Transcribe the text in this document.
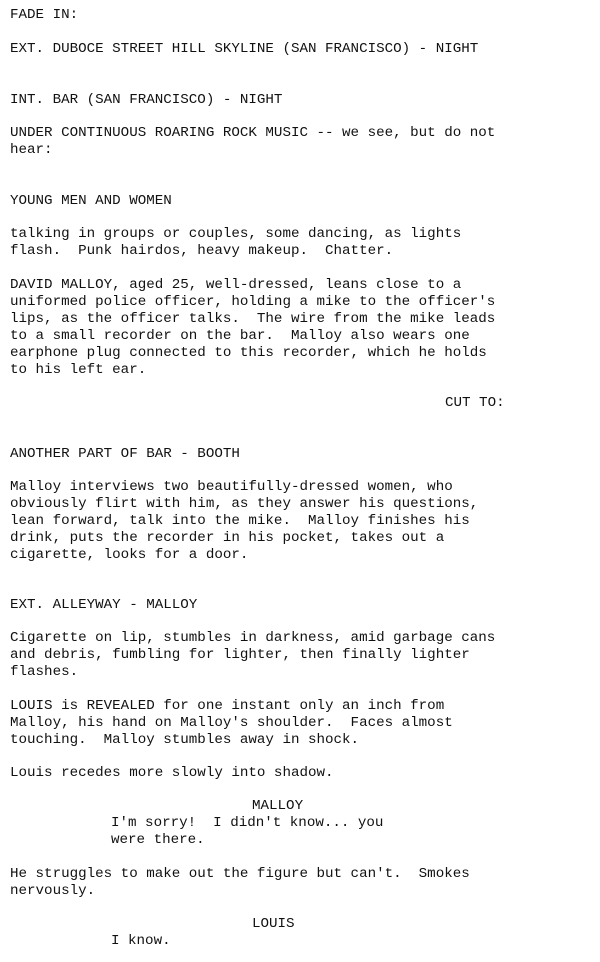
FADE IN:

EXT. DUBOCE STREET HILL SKYLINE (SAN FRANCISCO) - NIGHT

INT. BAR (SAN FRANCISCO) - NIGHT

UNDER CONTINUOUS ROARING ROCK MUSIC -- we see, but do not

hear:

YOUNG MEN AND WOMEN

talking in groups or couples, some dancing, as lights

flash.  Punk hairdos, heavy makeup.  Chatter.

DAVID MALLOY, aged 25, well-dressed, leans close to a

uniformed police officer, holding a mike to the officer's

lips, as the officer talks.  The wire from the mike leads

to a small recorder on the bar.  Malloy also wears one

earphone plug connected to this recorder, which he holds

to his left ear.

CUT TO:

ANOTHER PART OF BAR - BOOTH

Malloy interviews two beautifully-dressed women, who

obviously flirt with him, as they answer his questions,

lean forward, talk into the mike.  Malloy finishes his

drink, puts the recorder in his pocket, takes out a

cigarette, looks for a door.

EXT. ALLEYWAY - MALLOY

Cigarette on lip, stumbles in darkness, amid garbage cans

and debris, fumbling for lighter, then finally lighter

flashes.

LOUIS is REVEALED for one instant only an inch from

Malloy, his hand on Malloy's shoulder.  Faces almost

touching.  Malloy stumbles away in shock.

Louis recedes more slowly into shadow.

MALLOY

I'm sorry!  I didn't know... you

were there.

He struggles to make out the figure but can't.  Smokes

nervously.

LOUIS

I know.
